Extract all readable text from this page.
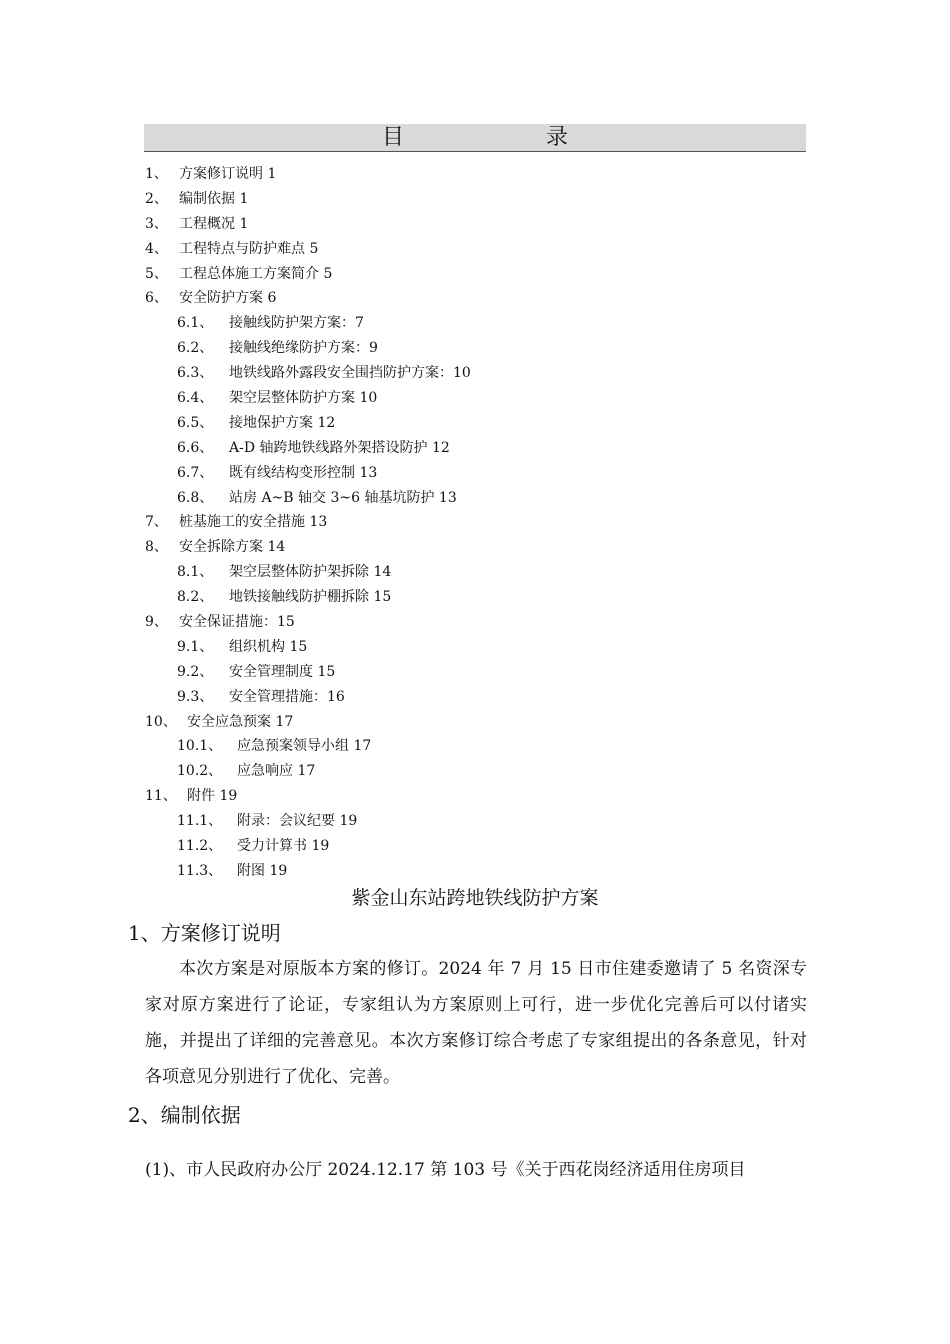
目　录
1、 方案修订说明 1
2、 编制依据 1
3、 工程概况 1
4、 工程特点与防护难点 5
5、 工程总体施工方案简介 5
6、 安全防护方案 6
6.1、 接触线防护架方案：7
6.2、 接触线绝缘防护方案：9
6.3、 地铁线路外露段安全围挡防护方案：10
6.4、 架空层整体防护方案 10
6.5、 接地保护方案 12
6.6、 A-D 轴跨地铁线路外架搭设防护 12
6.7、 既有线结构变形控制 13
6.8、 站房 A~B 轴交 3~6 轴基坑防护 13
7、 桩基施工的安全措施 13
8、 安全拆除方案 14
8.1、 架空层整体防护架拆除 14
8.2、 地铁接触线防护棚拆除 15
9、 安全保证措施：15
9.1、 组织机构 15
9.2、 安全管理制度 15
9.3、 安全管理措施：16
10、 安全应急预案 17
10.1、 应急预案领导小组 17
10.2、 应急响应 17
11、 附件 19
11.1、 附录：会议纪要 19
11.2、 受力计算书 19
11.3、 附图 19
紫金山东站跨地铁线防护方案
1、方案修订说明
本次方案是对原版本方案的修订。2024 年 7 月 15 日市住建委邀请了 5 名资深专家对原方案进行了论证，专家组认为方案原则上可行，进一步优化完善后可以付诸实施，并提出了详细的完善意见。本次方案修订综合考虑了专家组提出的各条意见，针对各项意见分别进行了优化、完善。
2、编制依据
(1)、市人民政府办公厅 2024.12.17 第 103 号《关于西花岗经济适用住房项目
